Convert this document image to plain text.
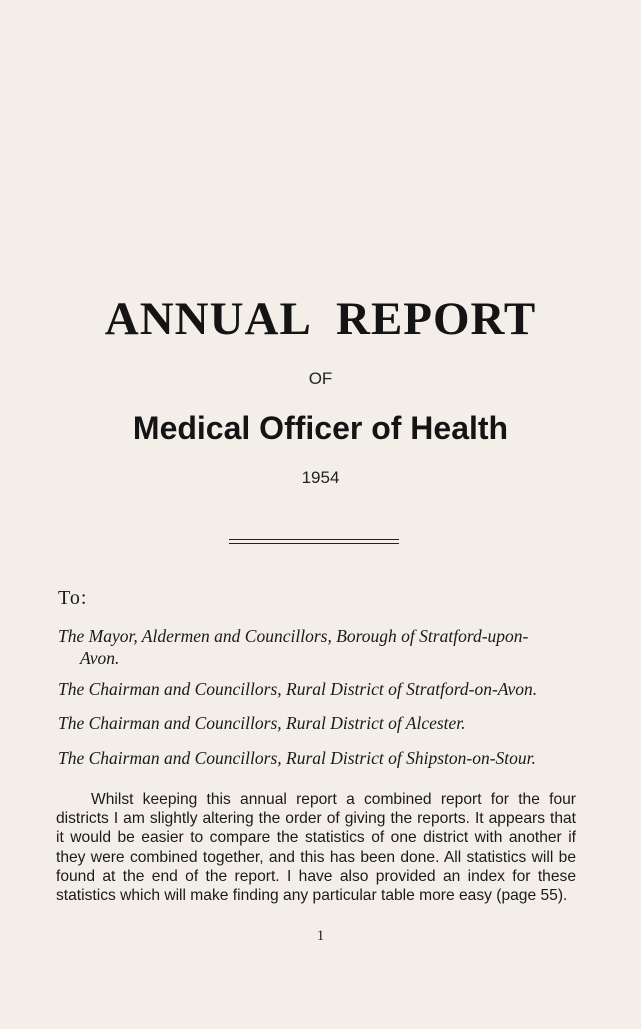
ANNUAL REPORT
OF
Medical Officer of Health
1954
To:
The Mayor, Aldermen and Councillors, Borough of Stratford-upon-
Avon.
The Chairman and Councillors, Rural District of Stratford-on-Avon.
The Chairman and Councillors, Rural District of Alcester.
The Chairman and Councillors, Rural District of Shipston-on-Stour.

Whilst keeping this annual report a combined report for the four districts I am slightly altering the order of giving the reports. It appears that it would be easier to compare the statistics of one district with another if they were combined together, and this has been done. All statistics will be found at the end of the report. I have also provided an index for these statistics which will make finding any particular table more easy (page 55).

1
